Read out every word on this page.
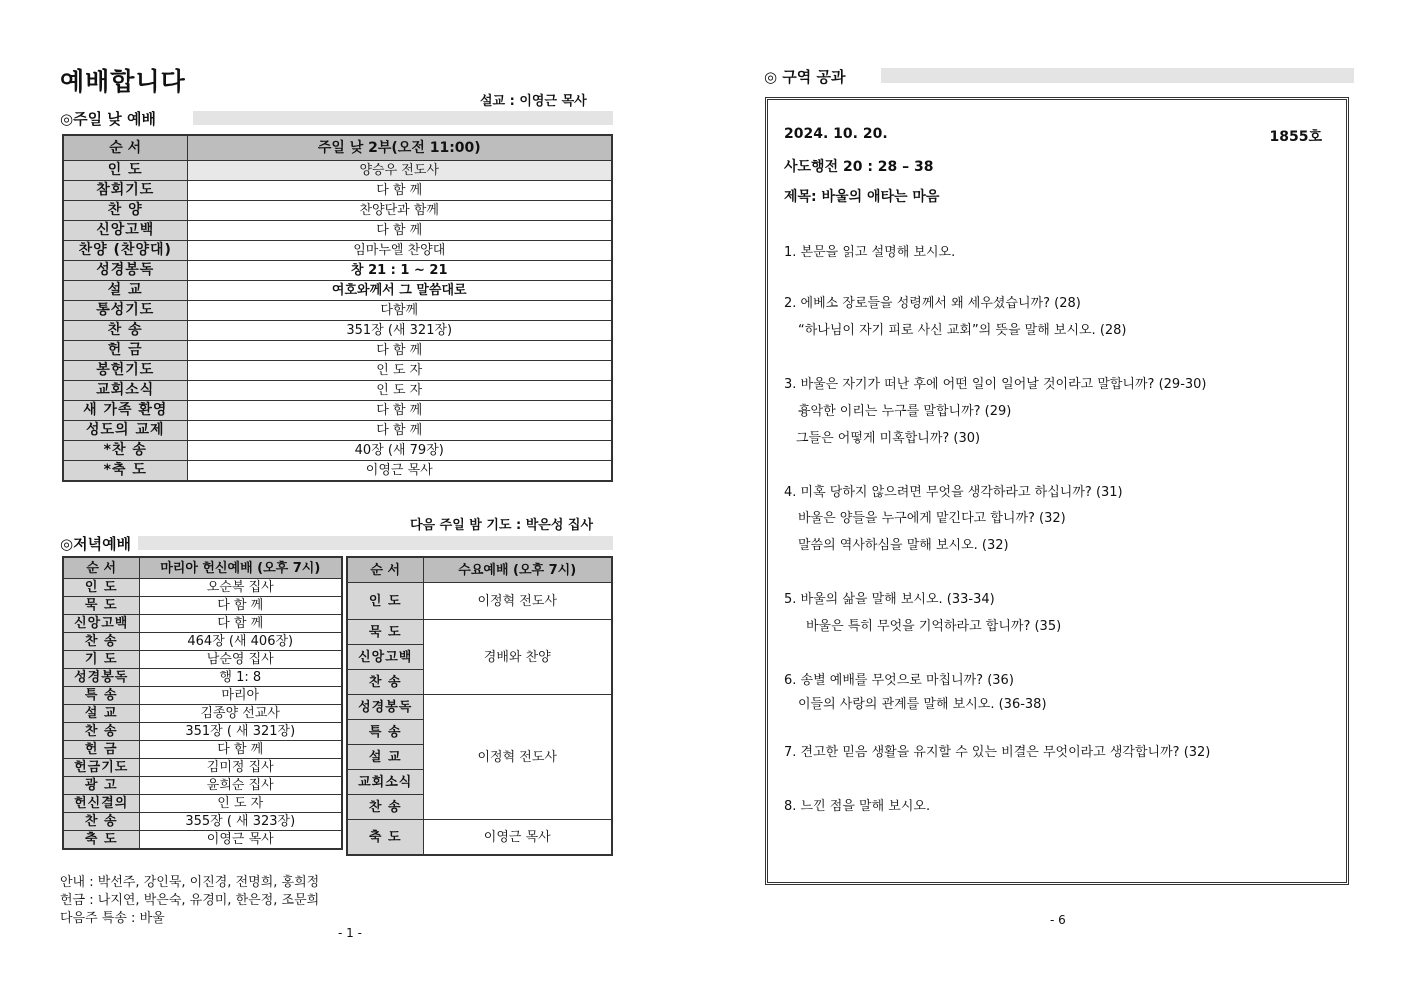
예배합니다
설교 : 이영근 목사
◎주일 낮 예배
순 서	주일 낮 2부(오전 11:00)
인 도	양승우 전도사
참회기도	다 함 께
찬 양	찬양단과 함께
신앙고백	다 함 께
찬양 (찬양대)	임마누엘 찬양대
성경봉독	창 21 : 1 ~ 21
설 교	여호와께서 그 말씀대로
통성기도	다함께
찬 송	351장 (새 321장)
헌 금	다 함 께
봉헌기도	인 도 자
교회소식	인 도 자
새 가족 환영	다 함 께
성도의 교제	다 함 께
*찬 송	40장 (새 79장)
*축 도	이영근 목사
다음 주일 밤 기도 : 박은성 집사
◎저녁예배
순 서	마리아 헌신예배 (오후 7시)
인 도	오순복 집사
묵 도	다 함 께
신앙고백	다 함 께
찬 송	464장 (새 406장)
기 도	남순영 집사
성경봉독	행 1: 8
특 송	마리아
설 교	김종양 선교사
찬 송	351장 ( 새 321장)
헌 금	다 함 께
헌금기도	김미정 집사
광 고	윤희순 집사
헌신결의	인 도 자
찬 송	355장 ( 새 323장)
축 도	이영근 목사
순 서	수요예배 (오후 7시)
인 도	이정혁 전도사
묵 도	경배와 찬양
신앙고백	
찬 송	
성경봉독	이정혁 전도사
특 송	
설 교	
교회소식	
찬 송	
축 도	이영근 목사
안내 : 박선주, 강인묵, 이진경, 전명희, 홍희정
헌금 : 나지연, 박은숙, 유경미, 한은정, 조문희
다음주 특송 : 바울
- 1 -
◎ 구역 공과
2024. 10. 20.	1855호
사도행전 20 : 28 – 38
제목: 바울의 애타는 마음
1. 본문을 읽고 설명해 보시오.
2. 에베소 장로들을 성령께서 왜 세우셨습니까? (28)
“하나님이 자기 피로 사신 교회”의 뜻을 말해 보시오. (28)
3. 바울은 자기가 떠난 후에 어떤 일이 일어날 것이라고 말합니까? (29-30)
흉악한 이리는 누구를 말합니까? (29)
그들은 어떻게 미혹합니까? (30)
4. 미혹 당하지 않으려면 무엇을 생각하라고 하십니까? (31)
바울은 양들을 누구에게 맡긴다고 합니까? (32)
말씀의 역사하심을 말해 보시오. (32)
5. 바울의 삶을 말해 보시오. (33-34)
바울은 특히 무엇을 기억하라고 합니까? (35)
6. 송별 예배를 무엇으로 마칩니까? (36)
이들의 사랑의 관계를 말해 보시오. (36-38)
7. 견고한 믿음 생활을 유지할 수 있는 비결은 무엇이라고 생각합니까? (32)
8. 느낀 점을 말해 보시오.
- 6
